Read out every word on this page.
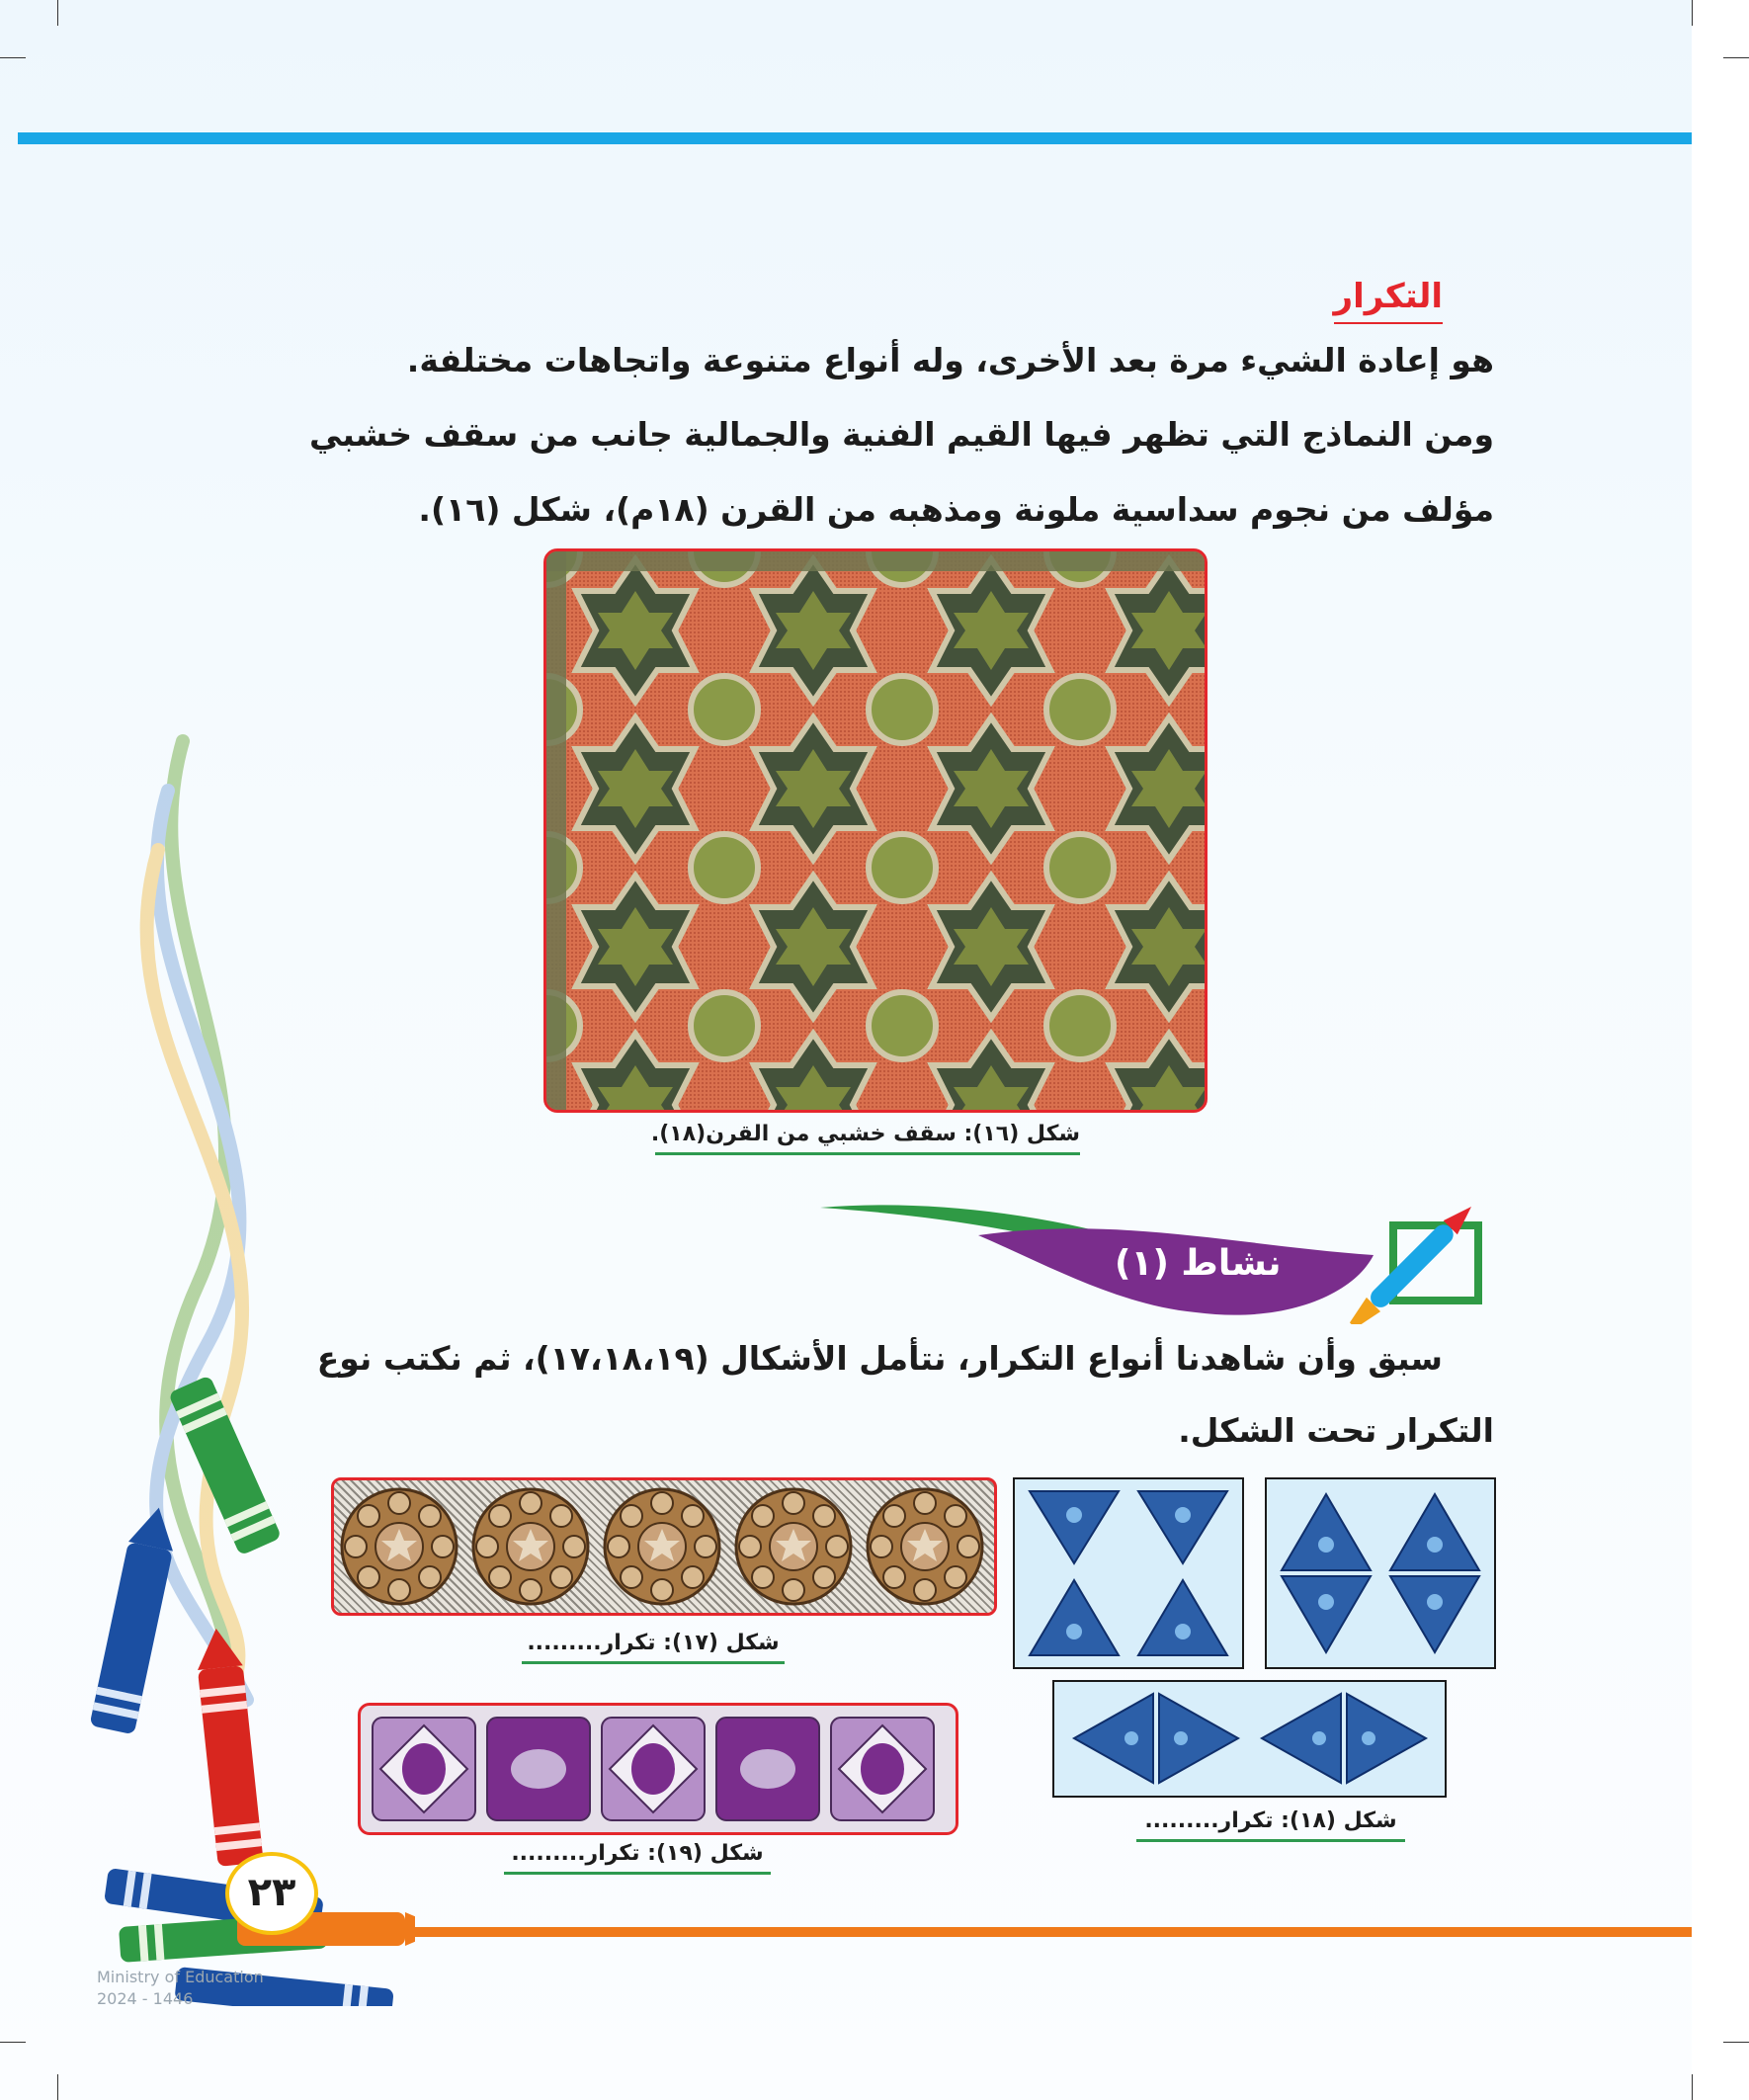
التكرار
هو إعادة الشيء مرة بعد الأخرى، وله أنواع متنوعة واتجاهات مختلفة.
ومن النماذج التي تظهر فيها القيم الفنية والجمالية جانب من سقف خشبي
مؤلف من نجوم سداسية ملونة ومذهبه من القرن (١٨م)، شكل (١٦).
شكل (١٦): سقف خشبي من القرن(١٨).
نشاط (١)
سبق وأن شاهدنا أنواع التكرار، نتأمل الأشكال (١٧،١٨،١٩)، ثم نكتب نوع
التكرار تحت الشكل.
شكل (١٧): تكرار.........
شكل (١٨): تكرار.........
شكل (١٩): تكرار.........
٢٣
Ministry of Education
2024 - 1446
